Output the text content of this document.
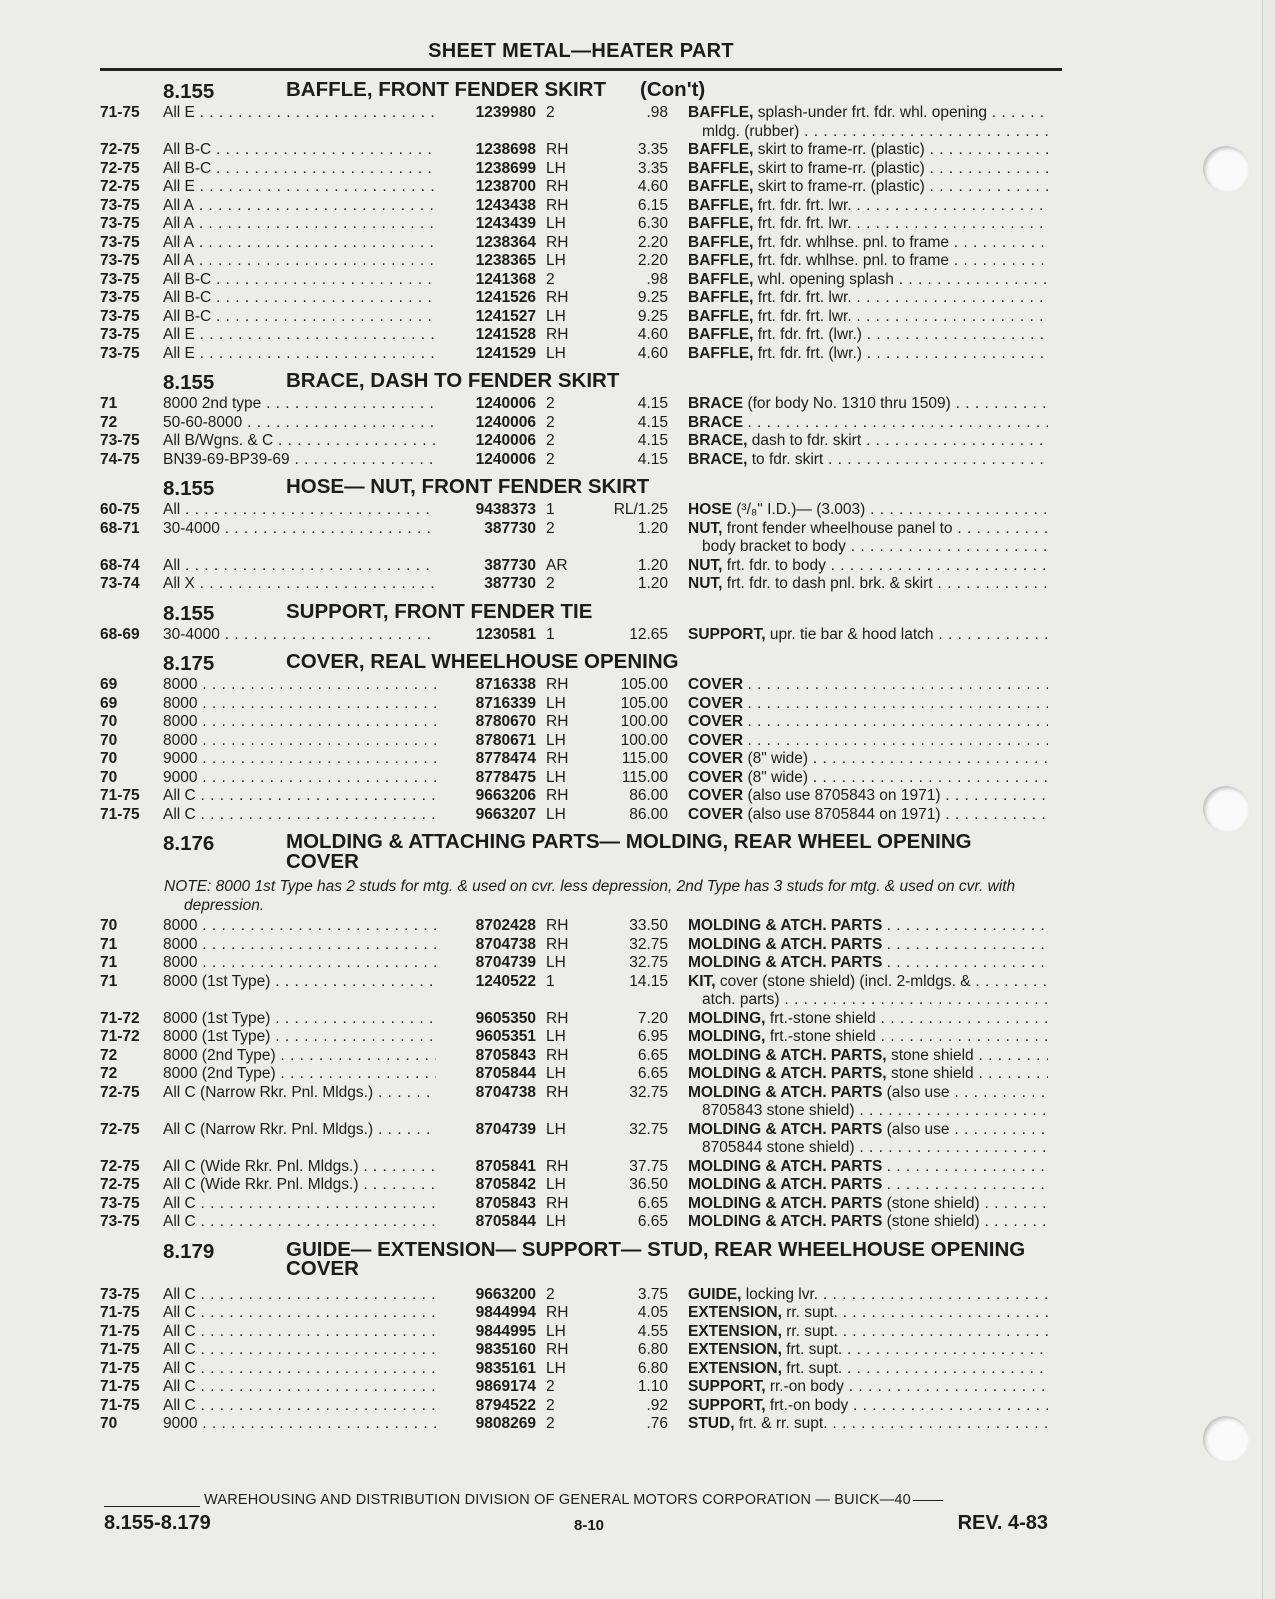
SHEET METAL—HEATER PART
8.155	BAFFLE, FRONT FENDER SKIRT (Con't)
71-75	All E . . .	1239980 2	.98 BAFFLE, splash-under frt. fdr. whl. opening . . .
mldg. (rubber) . . .
72-75	All B-C . . .	1238698 RH	3.35 BAFFLE, skirt to frame-rr. (plastic) . . .
72-75	All B-C . . .	1238699 LH	3.35 BAFFLE, skirt to frame-rr. (plastic) . . .
72-75	All E . . .	1238700 RH	4.60 BAFFLE, skirt to frame-rr. (plastic) . . .
73-75	All A . . .	1243438 RH	6.15 BAFFLE, frt. fdr. frt. lwr. . . .
73-75	All A . . .	1243439 LH	6.30 BAFFLE, frt. fdr. frt. lwr. . . .
73-75	All A . . .	1238364 RH	2.20 BAFFLE, frt. fdr. whlhse. pnl. to frame . . .
73-75	All A . . .	1238365 LH	2.20 BAFFLE, frt. fdr. whlhse. pnl. to frame . . .
73-75	All B-C . . .	1241368 2	.98 BAFFLE, whl. opening splash . . .
73-75	All B-C . . .	1241526 RH	9.25 BAFFLE, frt. fdr. frt. lwr. . . .
73-75	All B-C . . .	1241527 LH	9.25 BAFFLE, frt. fdr. frt. lwr. . . .
73-75	All E . . .	1241528 RH	4.60 BAFFLE, frt. fdr. frt. (lwr.) . . .
73-75	All E . . .	1241529 LH	4.60 BAFFLE, frt. fdr. frt. (lwr.) . . .
8.155	BRACE, DASH TO FENDER SKIRT
71	8000 2nd type . . .	1240006 2	4.15 BRACE (for body No. 1310 thru 1509) . . .
72	50-60-8000 . . .	1240006 2	4.15 BRACE . . .
73-75	All B/Wgns. & C . . .	1240006 2	4.15 BRACE, dash to fdr. skirt . . .
74-75	BN39-69-BP39-69 . . .	1240006 2	4.15 BRACE, to fdr. skirt . . .
8.155	HOSE— NUT, FRONT FENDER SKIRT
60-75	All . . .	9438373 1	RL/1.25 HOSE (³/₈" I.D.)— (3.003) . . .
68-71	30-4000 . . .	387730 2	1.20 NUT, front fender wheelhouse panel to . . .
body bracket to body . . .
68-74	All . . .	387730 AR	1.20 NUT, frt. fdr. to body . . .
73-74	All X . . .	387730 2	1.20 NUT, frt. fdr. to dash pnl. brk. & skirt . . .
8.155	SUPPORT, FRONT FENDER TIE
68-69	30-4000 . . .	1230581 1	12.65 SUPPORT, upr. tie bar & hood latch . . .
8.175	COVER, REAL WHEELHOUSE OPENING
69	8000 . . .	8716338 RH	105.00 COVER . . .
69	8000 . . .	8716339 LH	105.00 COVER . . .
70	8000 . . .	8780670 RH	100.00 COVER . . .
70	8000 . . .	8780671 LH	100.00 COVER . . .
70	9000 . . .	8778474 RH	115.00 COVER (8" wide) . . .
70	9000 . . .	8778475 LH	115.00 COVER (8" wide) . . .
71-75	All C . . .	9663206 RH	86.00 COVER (also use 8705843 on 1971) . . .
71-75	All C . . .	9663207 LH	86.00 COVER (also use 8705844 on 1971) . . .
8.176	MOLDING & ATTACHING PARTS— MOLDING, REAR WHEEL OPENING COVER
NOTE: 8000 1st Type has 2 studs for mtg. & used on cvr. less depression, 2nd Type has 3 studs for mtg. & used on cvr. with depression.
70	8000 . . .	8702428 RH	33.50 MOLDING & ATCH. PARTS . . .
71	8000 . . .	8704738 RH	32.75 MOLDING & ATCH. PARTS . . .
71	8000 . . .	8704739 LH	32.75 MOLDING & ATCH. PARTS . . .
71	8000 (1st Type) . . .	1240522 1	14.15 KIT, cover (stone shield) (incl. 2-mldgs. & . . .
atch. parts) . . .
71-72	8000 (1st Type) . . .	9605350 RH	7.20 MOLDING, frt.-stone shield . . .
71-72	8000 (1st Type) . . .	9605351 LH	6.95 MOLDING, frt.-stone shield . . .
72	8000 (2nd Type) . . .	8705843 RH	6.65 MOLDING & ATCH. PARTS, stone shield . . .
72	8000 (2nd Type) . . .	8705844 LH	6.65 MOLDING & ATCH. PARTS, stone shield . . .
72-75	All C (Narrow Rkr. Pnl. Mldgs.) . . .	8704738 RH	32.75 MOLDING & ATCH. PARTS (also use . . .
8705843 stone shield) . . .
72-75	All C (Narrow Rkr. Pnl. Mldgs.) . . .	8704739 LH	32.75 MOLDING & ATCH. PARTS (also use . . .
8705844 stone shield) . . .
72-75	All C (Wide Rkr. Pnl. Mldgs.) . . .	8705841 RH	37.75 MOLDING & ATCH. PARTS . . .
72-75	All C (Wide Rkr. Pnl. Mldgs.) . . .	8705842 LH	36.50 MOLDING & ATCH. PARTS . . .
73-75	All C . . .	8705843 RH	6.65 MOLDING & ATCH. PARTS (stone shield) . . .
73-75	All C . . .	8705844 LH	6.65 MOLDING & ATCH. PARTS (stone shield) . . .
8.179	GUIDE— EXTENSION— SUPPORT— STUD, REAR WHEELHOUSE OPENING COVER
73-75	All C . . .	9663200 2	3.75 GUIDE, locking lvr. . . .
71-75	All C . . .	9844994 RH	4.05 EXTENSION, rr. supt. . . .
71-75	All C . . .	9844995 LH	4.55 EXTENSION, rr. supt. . . .
71-75	All C . . .	9835160 RH	6.80 EXTENSION, frt. supt. . . .
71-75	All C . . .	9835161 LH	6.80 EXTENSION, frt. supt. . . .
71-75	All C . . .	9869174 2	1.10 SUPPORT, rr.-on body . . .
71-75	All C . . .	8794522 2	.92 SUPPORT, frt.-on body . . .
70	9000 . . .	9808269 2	.76 STUD, frt. & rr. supt. . . .
WAREHOUSING AND DISTRIBUTION DIVISION OF GENERAL MOTORS CORPORATION — BUICK—40
8.155-8.179	8-10	REV. 4-83
